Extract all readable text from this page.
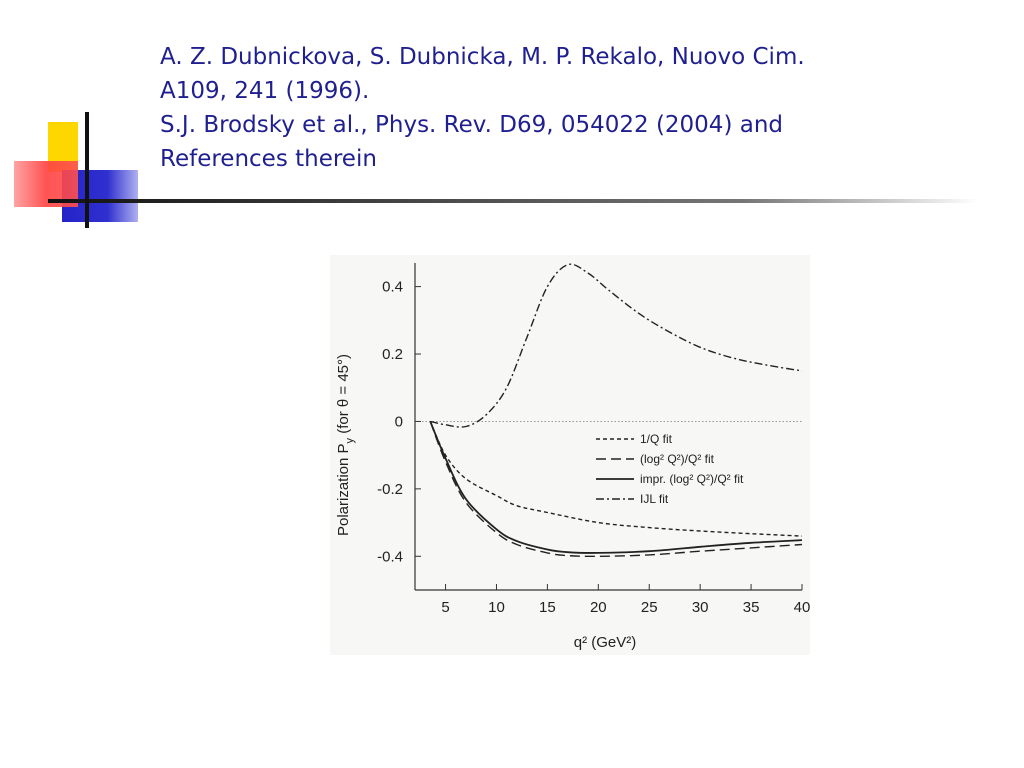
A. Z. Dubnickova, S. Dubnicka, M. P. Rekalo, Nuovo Cim.
A109, 241 (1996).
S.J. Brodsky et al., Phys. Rev. D69, 054022 (2004) and
References therein
5	10 15 20 25 30 35 40
0.4
0.2
0
-0.2
-0.4
1/Q fit
(log² Q²)/Q² fit
impr. (log² Q²)/Q² fit
IJL fit
q² (GeV²)
Polarization $P_y$ (for θ = 45°)
